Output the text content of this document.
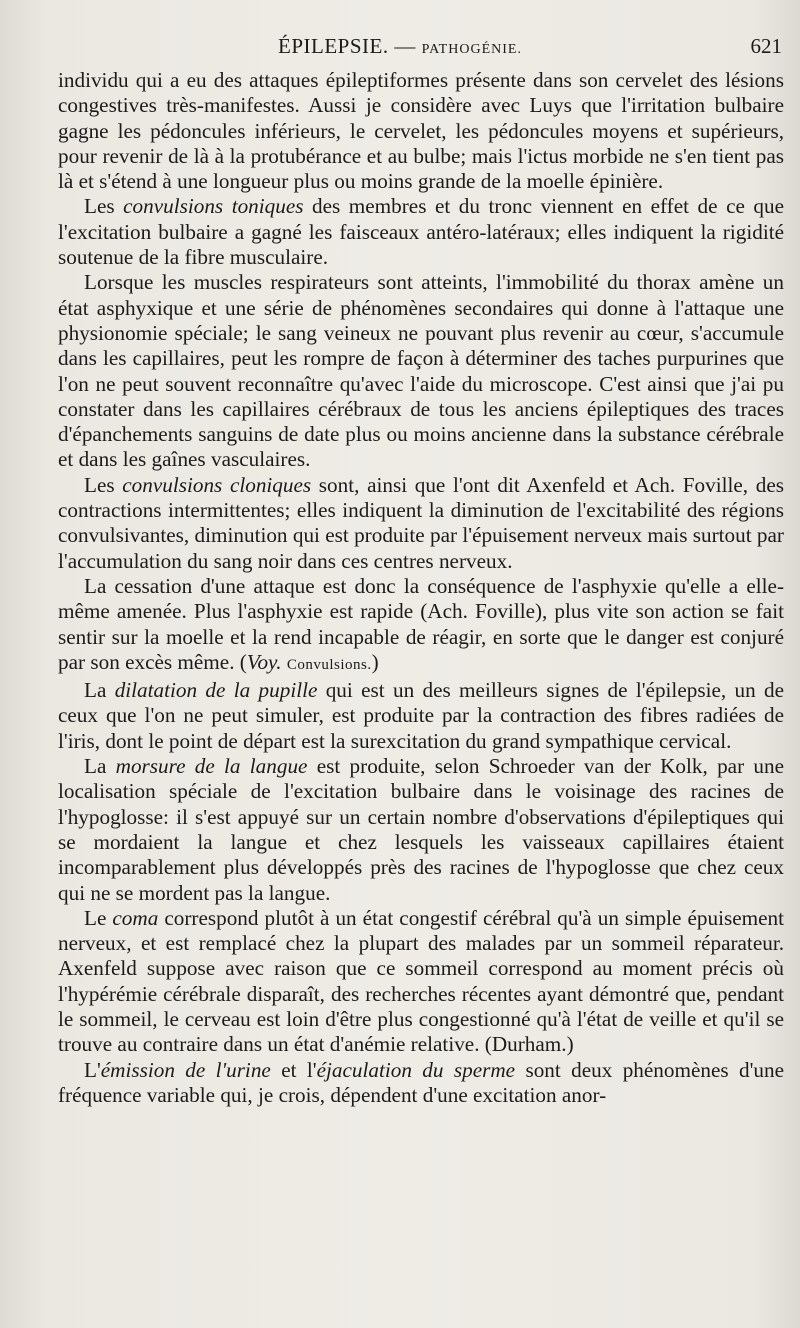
ÉPILEPSIE. — PATHOGÉNIE.	621

individu qui a eu des attaques épileptiformes présente dans son cervelet des lésions congestives très-manifestes. Aussi je considère avec Luys que l'irritation bulbaire gagne les pédoncules inférieurs, le cervelet, les pédoncules moyens et supérieurs, pour revenir de là à la protubérance et au bulbe; mais l'ictus morbide ne s'en tient pas là et s'étend à une longueur plus ou moins grande de la moelle épinière.

Les convulsions toniques des membres et du tronc viennent en effet de ce que l'excitation bulbaire a gagné les faisceaux antéro-latéraux; elles indiquent la rigidité soutenue de la fibre musculaire.

Lorsque les muscles respirateurs sont atteints, l'immobilité du thorax amène un état asphyxique et une série de phénomènes secondaires qui donne à l'attaque une physionomie spéciale; le sang veineux ne pouvant plus revenir au cœur, s'accumule dans les capillaires, peut les rompre de façon à déterminer des taches purpurines que l'on ne peut souvent reconnaître qu'avec l'aide du microscope. C'est ainsi que j'ai pu constater dans les capillaires cérébraux de tous les anciens épileptiques des traces d'épanchements sanguins de date plus ou moins ancienne dans la substance cérébrale et dans les gaînes vasculaires.

Les convulsions cloniques sont, ainsi que l'ont dit Axenfeld et Ach. Foville, des contractions intermittentes; elles indiquent la diminution de l'excitabilité des régions convulsivantes, diminution qui est produite par l'épuisement nerveux mais surtout par l'accumulation du sang noir dans ces centres nerveux.

La cessation d'une attaque est donc la conséquence de l'asphyxie qu'elle a elle-même amenée. Plus l'asphyxie est rapide (Ach. Foville), plus vite son action se fait sentir sur la moelle et la rend incapable de réagir, en sorte que le danger est conjuré par son excès même. (Voy. Convulsions.)

La dilatation de la pupille qui est un des meilleurs signes de l'épilepsie, un de ceux que l'on ne peut simuler, est produite par la contraction des fibres radiées de l'iris, dont le point de départ est la surexcitation du grand sympathique cervical.

La morsure de la langue est produite, selon Schroeder van der Kolk, par une localisation spéciale de l'excitation bulbaire dans le voisinage des racines de l'hypoglosse: il s'est appuyé sur un certain nombre d'observations d'épileptiques qui se mordaient la langue et chez lesquels les vaisseaux capillaires étaient incomparablement plus développés près des racines de l'hypoglosse que chez ceux qui ne se mordent pas la langue.

Le coma correspond plutôt à un état congestif cérébral qu'à un simple épuisement nerveux, et est remplacé chez la plupart des malades par un sommeil réparateur. Axenfeld suppose avec raison que ce sommeil correspond au moment précis où l'hypérémie cérébrale disparaît, des recherches récentes ayant démontré que, pendant le sommeil, le cerveau est loin d'être plus congestionné qu'à l'état de veille et qu'il se trouve au contraire dans un état d'anémie relative. (Durham.)

L'émission de l'urine et l'éjaculation du sperme sont deux phénomènes d'une fréquence variable qui, je crois, dépendent d'une excitation anor-
